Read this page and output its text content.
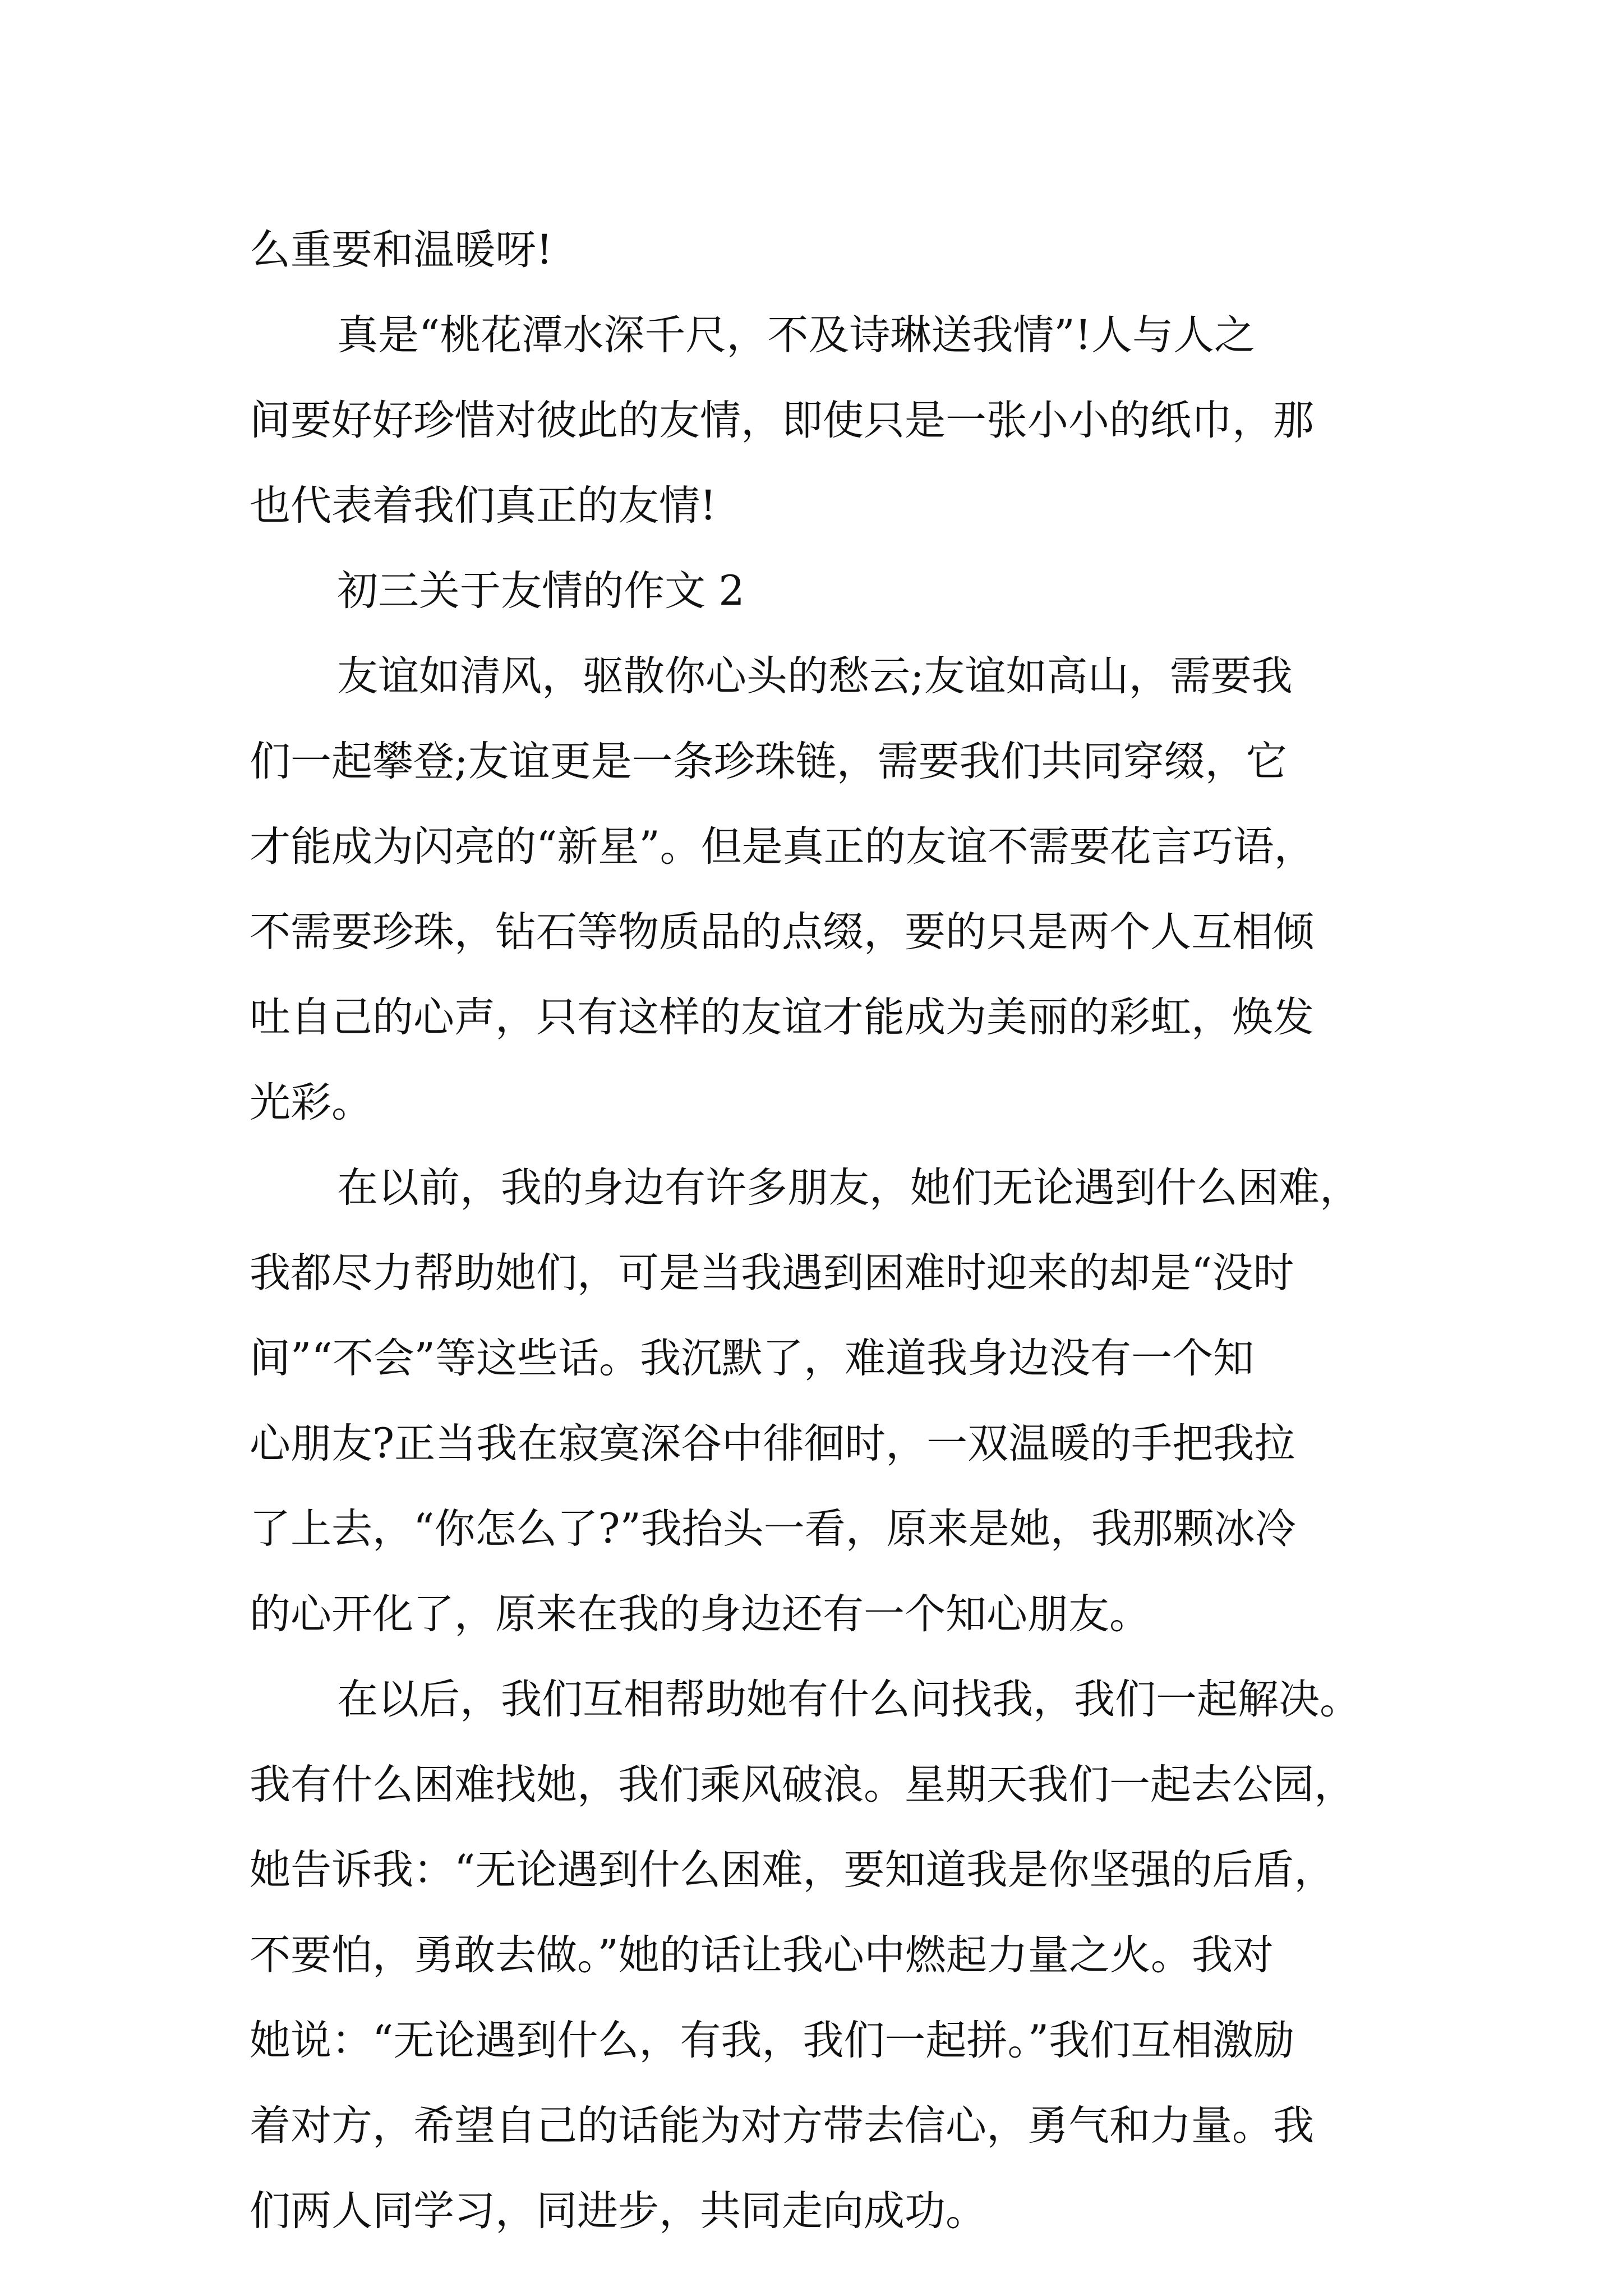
么重要和温暖呀!
真是“桃花潭水深千尺，不及诗琳送我情”!人与人之
间要好好珍惜对彼此的友情，即使只是一张小小的纸巾，那
也代表着我们真正的友情!
初三关于友情的作文 2
友谊如清风，驱散你心头的愁云;友谊如高山，需要我
们一起攀登;友谊更是一条珍珠链，需要我们共同穿缀，它
才能成为闪亮的“新星”。但是真正的友谊不需要花言巧语，
不需要珍珠，钻石等物质品的点缀，要的只是两个人互相倾
吐自己的心声，只有这样的友谊才能成为美丽的彩虹，焕发
光彩。
在以前，我的身边有许多朋友，她们无论遇到什么困难，
我都尽力帮助她们，可是当我遇到困难时迎来的却是“没时
间”“不会”等这些话。我沉默了，难道我身边没有一个知
心朋友?正当我在寂寞深谷中徘徊时，一双温暖的手把我拉
了上去，“你怎么了?”我抬头一看，原来是她，我那颗冰冷
的心开化了，原来在我的身边还有一个知心朋友。
在以后，我们互相帮助她有什么问找我，我们一起解决。
我有什么困难找她，我们乘风破浪。星期天我们一起去公园，
她告诉我：“无论遇到什么困难，要知道我是你坚强的后盾，
不要怕，勇敢去做。”她的话让我心中燃起力量之火。我对
她说：“无论遇到什么，有我，我们一起拼。”我们互相激励
着对方，希望自己的话能为对方带去信心，勇气和力量。我
们两人同学习，同进步，共同走向成功。
